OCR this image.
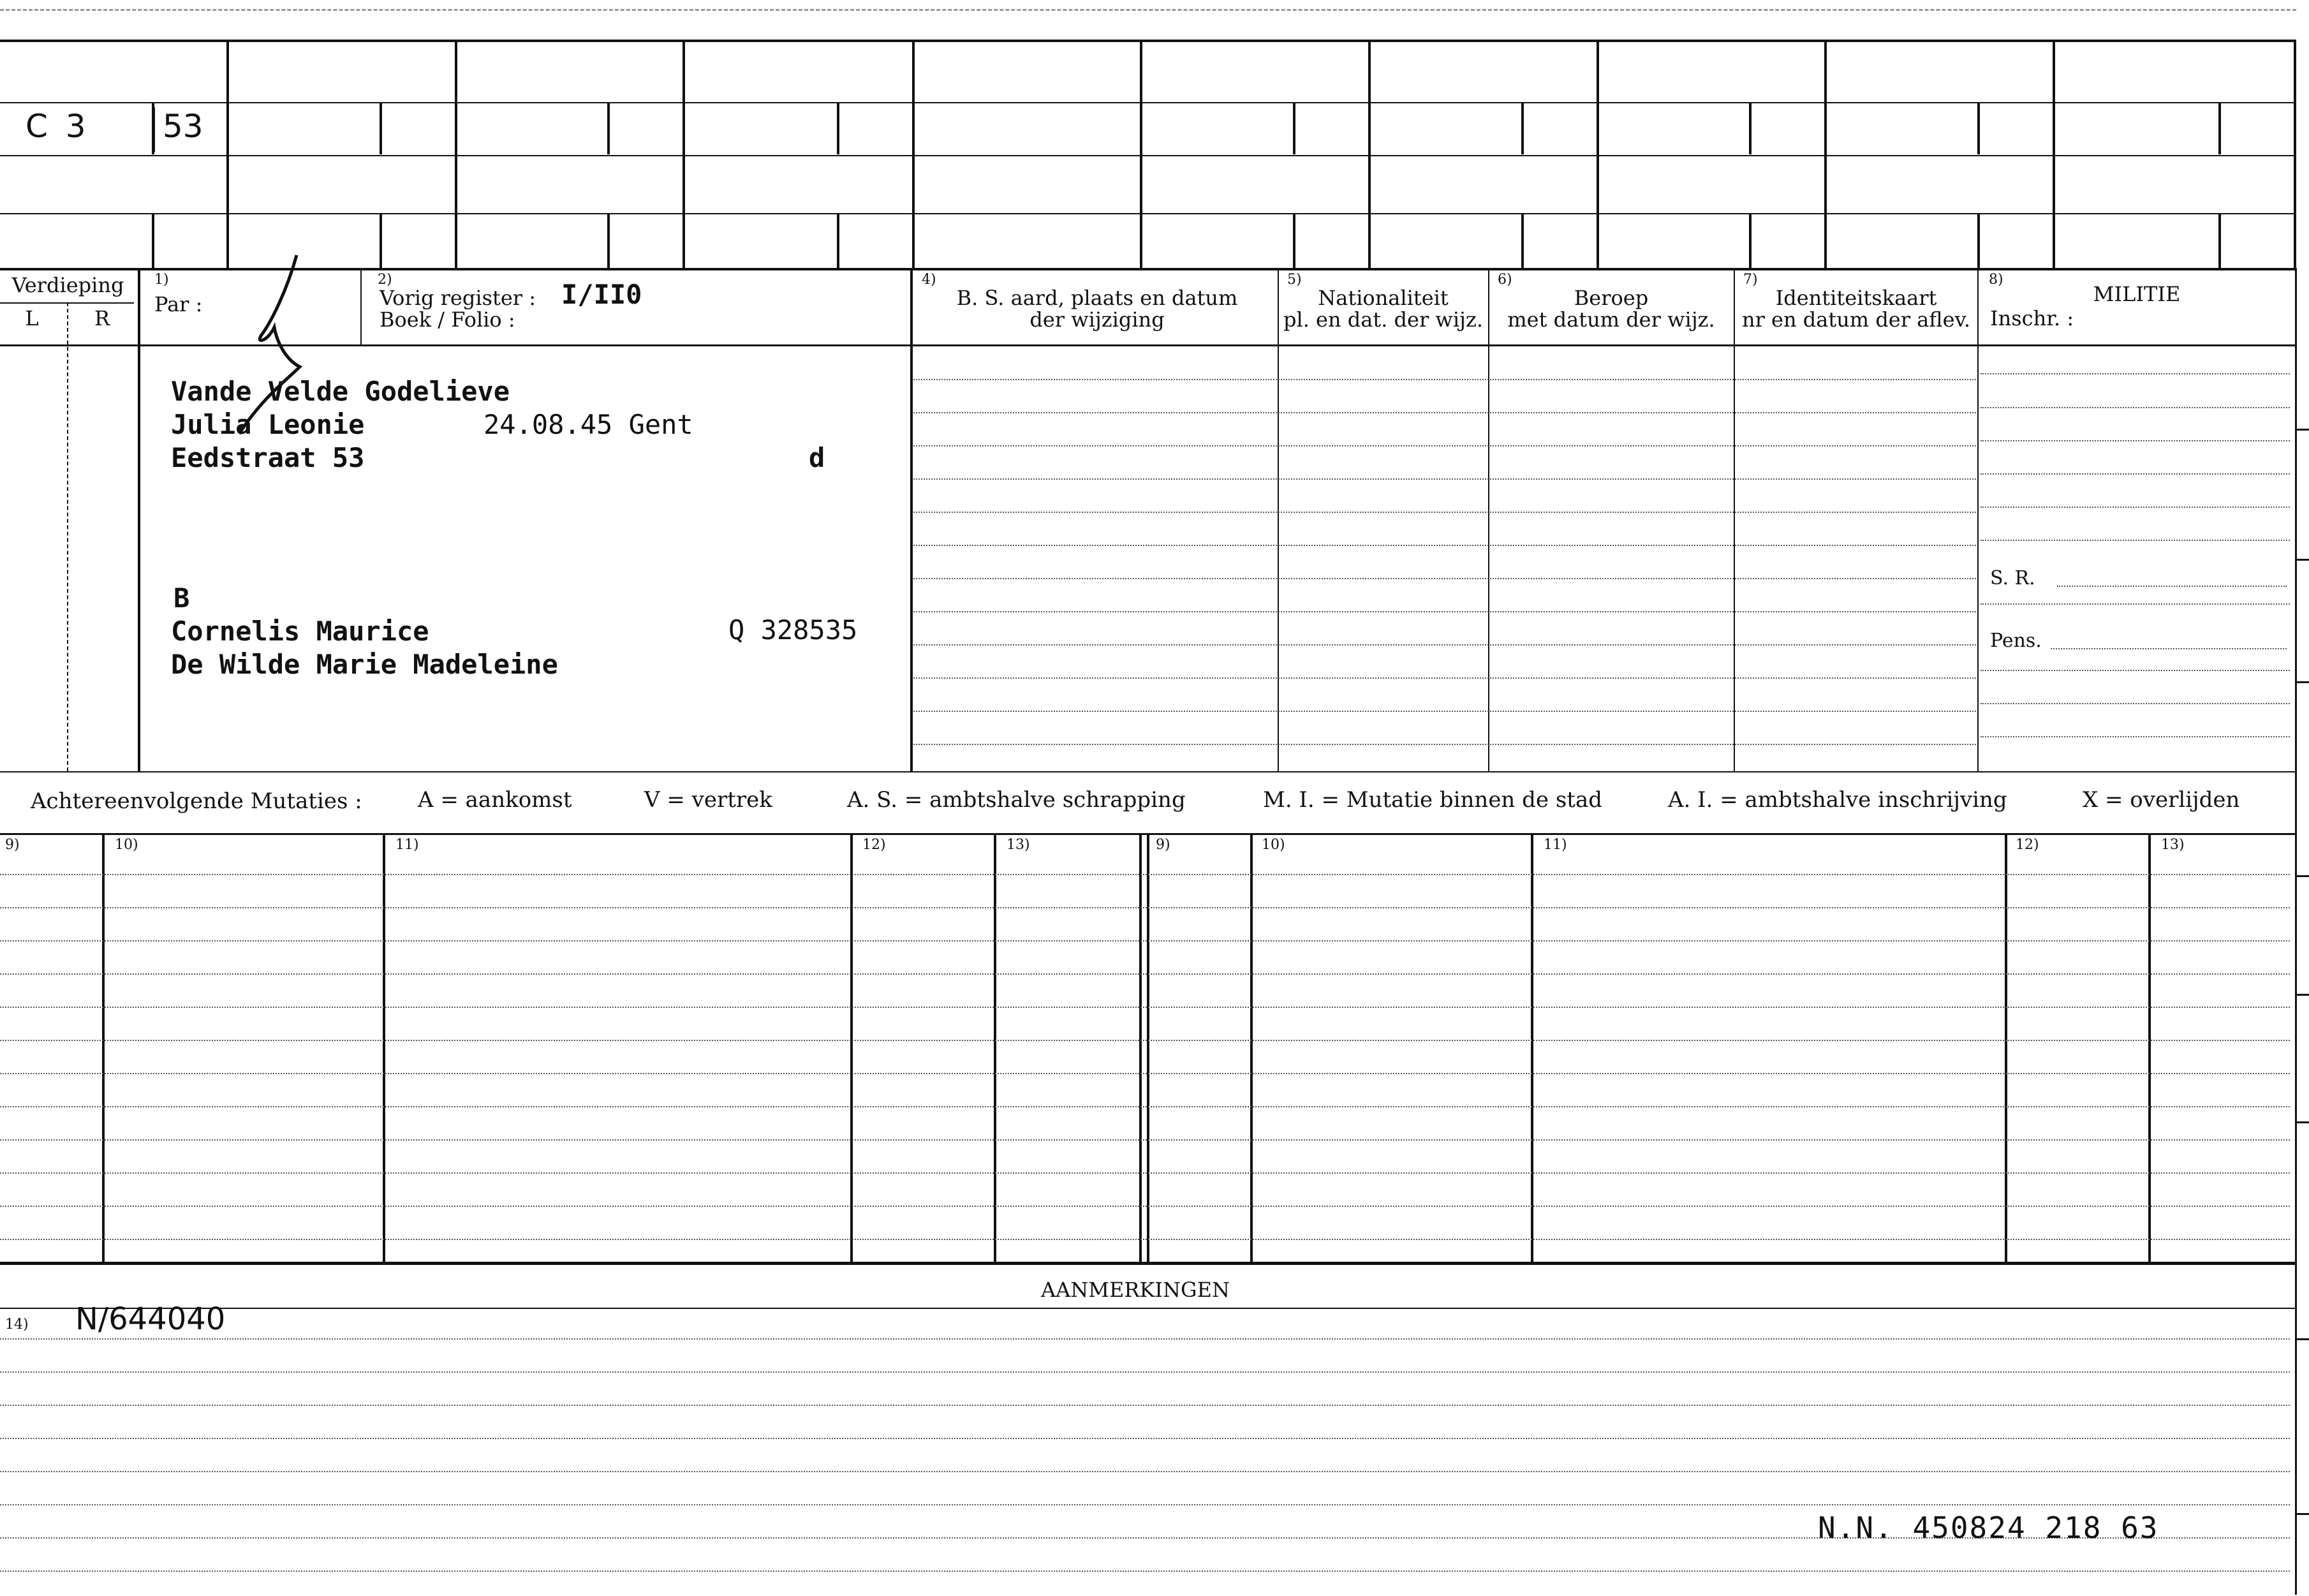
C 3 53
Verdieping
L	R
1)
Par :
2)
Vorig register : I/II0
Boek / Folio :
4)
B. S. aard, plaats en datum
der wijziging
5)
Nationaliteit
pl. en dat. der wijz.
6)
Beroep
met datum der wijz.
7)
Identiteitskaart
nr en datum der aflev.
8)
MILITIE
Inschr. :
S. R.
Pens.
Vande Velde Godelieve
Julia Leonie	24.08.45 Gent
Eedstraat 53	d
B
Cornelis Maurice	Q 328535
De Wilde Marie Madeleine
Achtereenvolgende Mutaties :	A = aankomst	V = vertrek	A. S. = ambtshalve schrapping	M. I. = Mutatie binnen de stad	A. I. = ambtshalve inschrijving	X = overlijden
9)	10)	11)	12)	13)	9)	10)	11)	12)	13)
AANMERKINGEN
14) N/644040
N.N. 450824 218 63
